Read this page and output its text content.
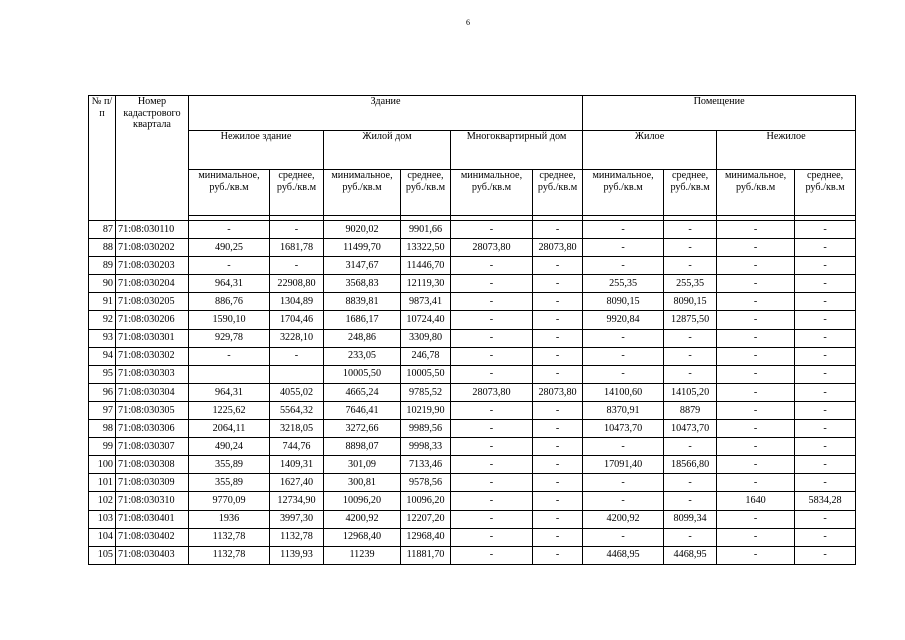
6
№ п/п	Номер кадастрового квартала	Здание						Помещение			
		Нежилое здание		Жилой дом		Многоквартирный дом		Жилое		Нежилое	
		минимальное, руб./кв.м	среднее, руб./кв.м	минимальное, руб./кв.м	среднее, руб./кв.м	минимальное, руб./кв.м	среднее, руб./кв.м	минимальное, руб./кв.м	среднее, руб./кв.м	минимальное, руб./кв.м	среднее, руб./кв.м

87	71:08:030110	-	-	9020,02	9901,66	-	-	-	-	-	-
88	71:08:030202	490,25	1681,78	11499,70	13322,50	28073,80	28073,80	-	-	-	-
89	71:08:030203	-	-	3147,67	11446,70	-	-	-	-	-	-
90	71:08:030204	964,31	22908,80	3568,83	12119,30	-	-	255,35	255,35	-	-
91	71:08:030205	886,76	1304,89	8839,81	9873,41	-	-	8090,15	8090,15	-	-
92	71:08:030206	1590,10	1704,46	1686,17	10724,40	-	-	9920,84	12875,50	-	-
93	71:08:030301	929,78	3228,10	248,86	3309,80	-	-	-	-	-	-
94	71:08:030302	-	-	233,05	246,78	-	-	-	-	-	-
95	71:08:030303			10005,50	10005,50	-	-	-	-	-	-
96	71:08:030304	964,31	4055,02	4665,24	9785,52	28073,80	28073,80	14100,60	14105,20	-	-
97	71:08:030305	1225,62	5564,32	7646,41	10219,90	-	-	8370,91	8879	-	-
98	71:08:030306	2064,11	3218,05	3272,66	9989,56	-	-	10473,70	10473,70	-	-
99	71:08:030307	490,24	744,76	8898,07	9998,33	-	-	-	-	-	-
100	71:08:030308	355,89	1409,31	301,09	7133,46	-	-	17091,40	18566,80	-	-
101	71:08:030309	355,89	1627,40	300,81	9578,56	-	-	-	-	-	-
102	71:08:030310	9770,09	12734,90	10096,20	10096,20	-	-	-	-	1640	5834,28
103	71:08:030401	1936	3997,30	4200,92	12207,20	-	-	4200,92	8099,34	-	-
104	71:08:030402	1132,78	1132,78	12968,40	12968,40	-	-	-	-	-	-
105	71:08:030403	1132,78	1139,93	11239	11881,70	-	-	4468,95	4468,95	-	-
